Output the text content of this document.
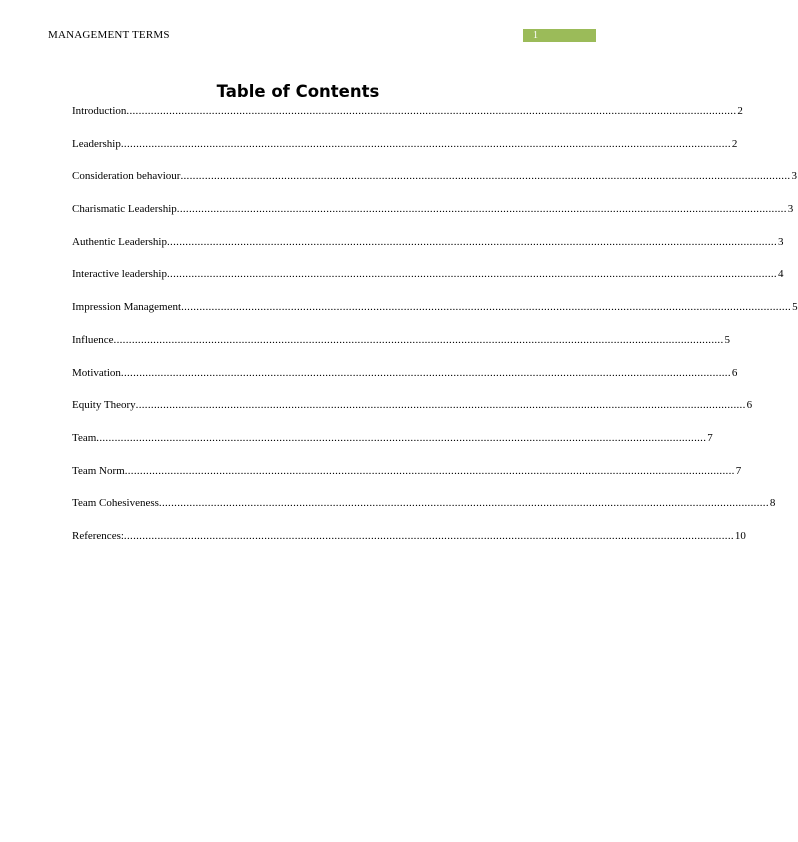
MANAGEMENT TERMS	1
Table of Contents
Introduction ........................................................................................................................................................................................................ 2
Leadership ........................................................................................................................................................................................................ 2
Consideration behaviour ........................................................................................................................................................................................................ 3
Charismatic Leadership ........................................................................................................................................................................................................ 3
Authentic Leadership ........................................................................................................................................................................................................ 3
Interactive leadership ........................................................................................................................................................................................................ 4
Impression Management ........................................................................................................................................................................................................ 5
Influence ........................................................................................................................................................................................................ 5
Motivation ........................................................................................................................................................................................................ 6
Equity Theory ........................................................................................................................................................................................................ 6
Team ........................................................................................................................................................................................................ 7
Team Norm ........................................................................................................................................................................................................ 7
Team Cohesiveness ........................................................................................................................................................................................................ 8
References: ........................................................................................................................................................................................................ 10
